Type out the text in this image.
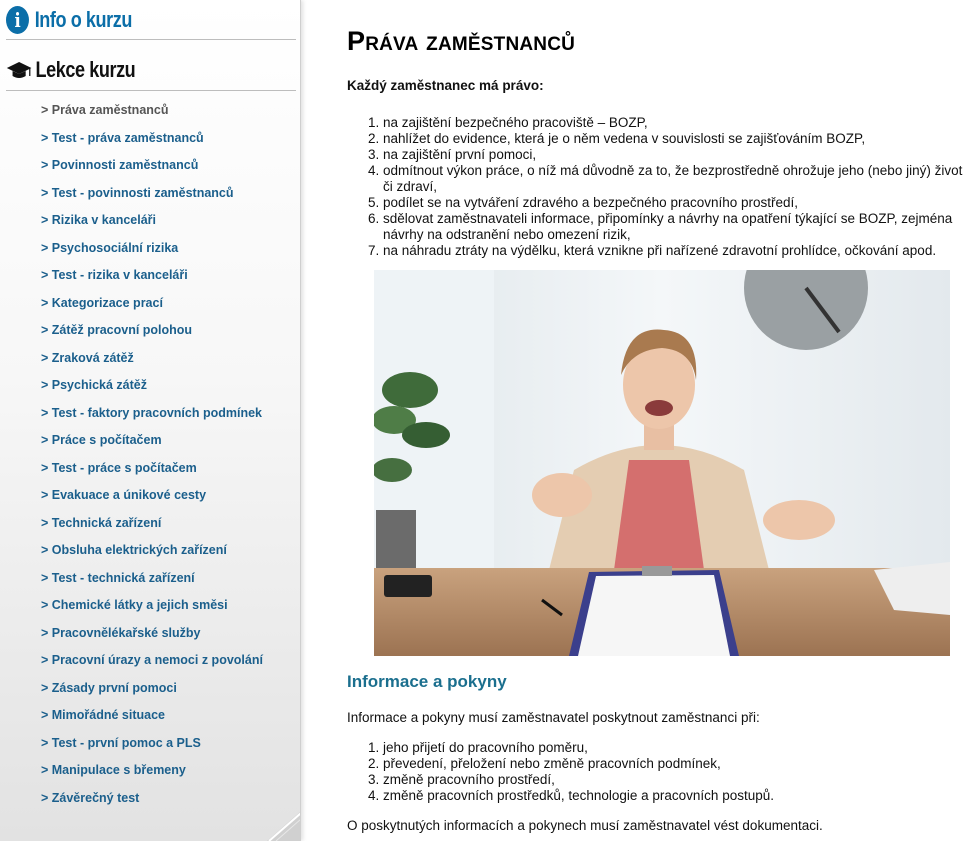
i Info o kurzu
Lekce kurzu
> Práva zaměstnanců
> Test - práva zaměstnanců
> Povinnosti zaměstnanců
> Test - povinnosti zaměstnanců
> Rizika v kanceláři
> Psychosociální rizika
> Test - rizika v kanceláři
> Kategorizace prací
> Zátěž pracovní polohou
> Zraková zátěž
> Psychická zátěž
> Test - faktory pracovních podmínek
> Práce s počítačem
> Test - práce s počítačem
> Evakuace a únikové cesty
> Technická zařízení
> Obsluha elektrických zařízení
> Test - technická zařízení
> Chemické látky a jejich směsi
> Pracovnělékařské služby
> Pracovní úrazy a nemoci z povolání
> Zásady první pomoci
> Mimořádné situace
> Test - první pomoc a PLS
> Manipulace s břemeny
> Závěrečný test
Práva zaměstnanců

Každý zaměstnanec má právo:

1. na zajištění bezpečného pracoviště – BOZP,
2. nahlížet do evidence, která je o něm vedena v souvislosti se zajišťováním BOZP,
3. na zajištění první pomoci,
4. odmítnout výkon práce, o níž má důvodně za to, že bezprostředně ohrožuje jeho (nebo jiný) život či zdraví,
5. podílet se na vytváření zdravého a bezpečného pracovního prostředí,
6. sdělovat zaměstnavateli informace, připomínky a návrhy na opatření týkající se BOZP, zejména návrhy na odstranění nebo omezení rizik,
7. na náhradu ztráty na výdělku, která vznikne při nařízené zdravotní prohlídce, očkování apod.
Informace a pokyny

Informace a pokyny musí zaměstnavatel poskytnout zaměstnanci při:

1. jeho přijetí do pracovního poměru,
2. převedení, přeložení nebo změně pracovních podmínek,
3. změně pracovního prostředí,
4. změně pracovních prostředků, technologie a pracovních postupů.

O poskytnutých informacích a pokynech musí zaměstnavatel vést dokumentaci.
